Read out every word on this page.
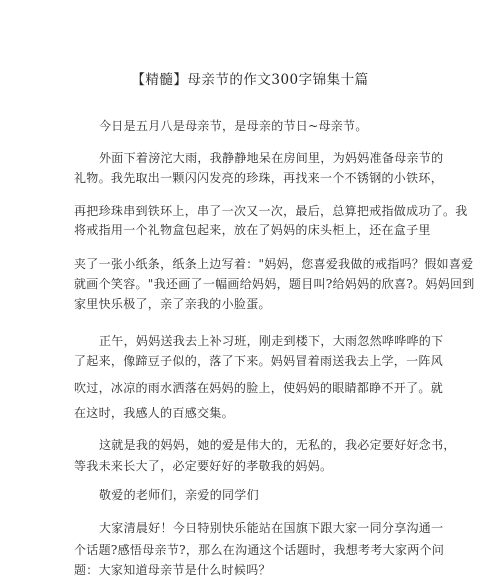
【精髓】母亲节的作文300字锦集十篇
今日是五月八是母亲节，是母亲的节日~母亲节。
外面下着滂沱大雨，我静静地呆在房间里，为妈妈准备母亲节的
礼物。我先取出一颗闪闪发亮的珍珠，再找来一个不锈钢的小铁环，
再把珍珠串到铁环上，串了一次又一次，最后，总算把戒指做成功了。我
将戒指用一个礼物盒包起来，放在了妈妈的床头柜上，还在盒子里
夹了一张小纸条，纸条上边写着："妈妈，您喜爱我做的戒指吗？假如喜爱
就画个笑容。"我还画了一幅画给妈妈，题目叫?给妈妈的欣喜?。妈妈回到
家里快乐极了，亲了亲我的小脸蛋。
正午，妈妈送我去上补习班，刚走到楼下，大雨忽然哗哗哗的下
了起来，像蹄豆子似的，落了下来。妈妈冒着雨送我去上学，一阵风
吹过，冰凉的雨水洒落在妈妈的脸上，使妈妈的眼睛都睁不开了。就
在这时，我感人的百感交集。
这就是我的妈妈，她的爱是伟大的，无私的，我必定要好好念书，
等我未来长大了，必定要好好的孝敬我的妈妈。
敬爱的老师们，亲爱的同学们
大家清晨好！今日特别快乐能站在国旗下跟大家一同分享沟通一
个话题?感悟母亲节?，那么在沟通这个话题时，我想考考大家两个问
题：大家知道母亲节是什么时候吗？
